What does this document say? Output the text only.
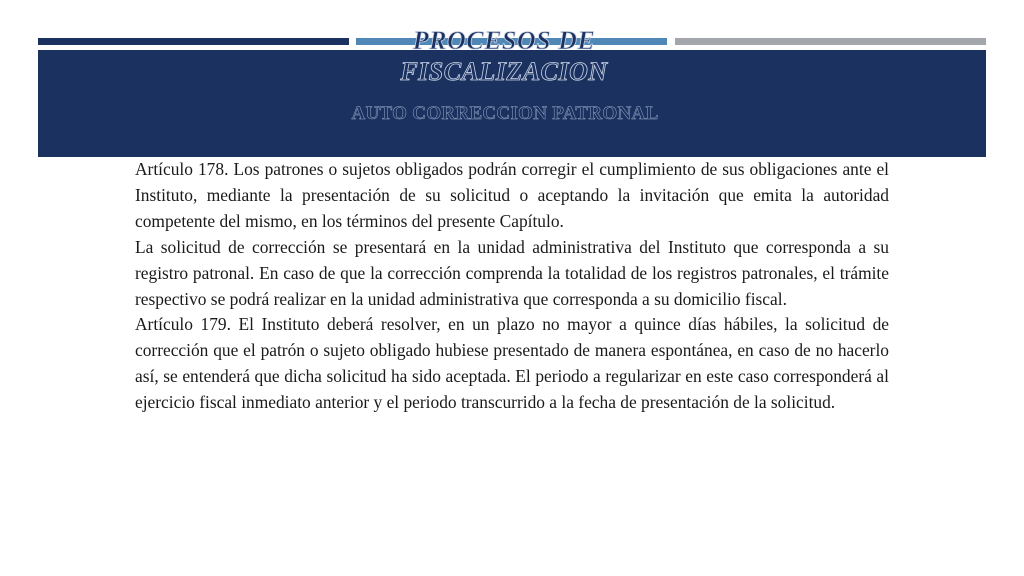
PROCESOS DE
FISCALIZACION
AUTO CORRECCION PATRONAL

Artículo 178. Los patrones o sujetos obligados podrán corregir el cumplimiento de sus obligaciones ante el Instituto, mediante la presentación de su solicitud o aceptando la invitación que emita la autoridad competente del mismo, en los términos del presente Capítulo.

La solicitud de corrección se presentará en la unidad administrativa del Instituto que corresponda a su registro patronal. En caso de que la corrección comprenda la totalidad de los registros patronales, el trámite respectivo se podrá realizar en la unidad administrativa que corresponda a su domicilio fiscal.

Artículo 179. El Instituto deberá resolver, en un plazo no mayor a quince días hábiles, la solicitud de corrección que el patrón o sujeto obligado hubiese presentado de manera espontánea, en caso de no hacerlo así, se entenderá que dicha solicitud ha sido aceptada. El periodo a regularizar en este caso corresponderá al ejercicio fiscal inmediato anterior y el periodo transcurrido a la fecha de presentación de la solicitud.
